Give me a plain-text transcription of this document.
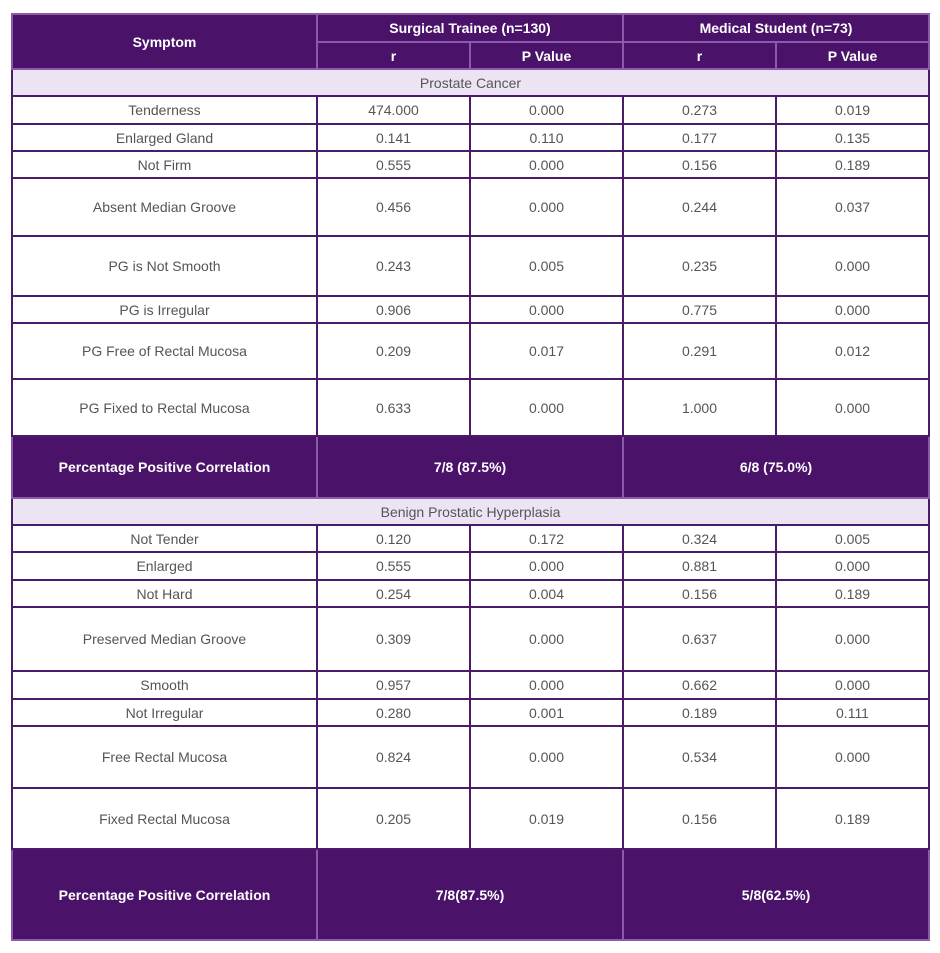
Symptom	Surgical Trainee (n=130)		Medical Student (n=73)	
	r	P Value	r	P Value
Prostate Cancer				
Tenderness	474.000	0.000	0.273	0.019
Enlarged Gland	0.141	0.110	0.177	0.135
Not Firm	0.555	0.000	0.156	0.189
Absent Median Groove	0.456	0.000	0.244	0.037
PG is Not Smooth	0.243	0.005	0.235	0.000
PG is Irregular	0.906	0.000	0.775	0.000
PG Free of Rectal Mucosa	0.209	0.017	0.291	0.012
PG Fixed to Rectal Mucosa	0.633	0.000	1.000	0.000
Percentage Positive Correlation	7/8 (87.5%)		6/8 (75.0%)	
Benign Prostatic Hyperplasia				
Not Tender	0.120	0.172	0.324	0.005
Enlarged	0.555	0.000	0.881	0.000
Not Hard	0.254	0.004	0.156	0.189
Preserved Median Groove	0.309	0.000	0.637	0.000
Smooth	0.957	0.000	0.662	0.000
Not Irregular	0.280	0.001	0.189	0.111
Free Rectal Mucosa	0.824	0.000	0.534	0.000
Fixed Rectal Mucosa	0.205	0.019	0.156	0.189
Percentage Positive Correlation	7/8(87.5%)		5/8(62.5%)	
